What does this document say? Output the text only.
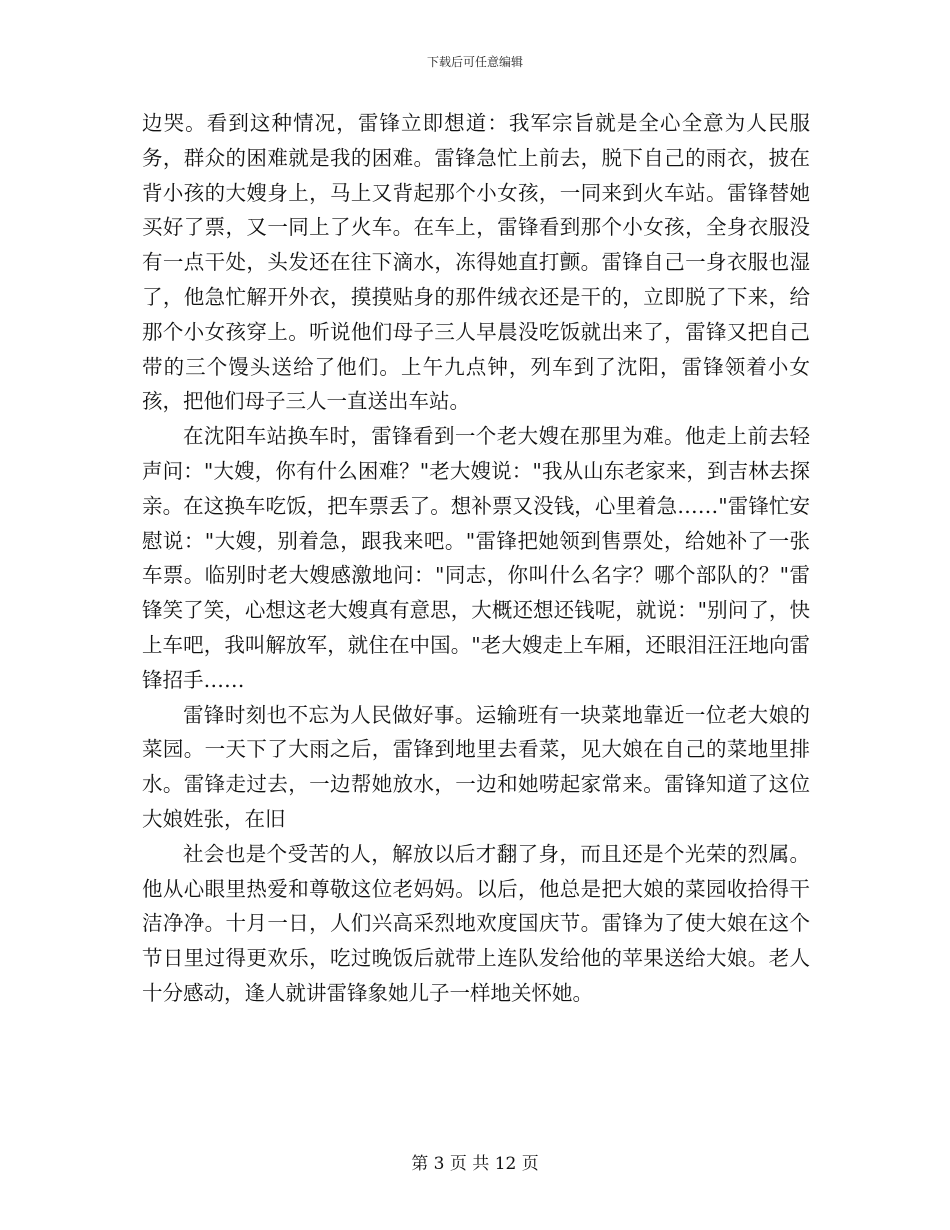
下载后可任意编辑

边哭。看到这种情况，雷锋立即想道：我军宗旨就是全心全意为人民服务，群众的困难就是我的困难。雷锋急忙上前去，脱下自己的雨衣，披在背小孩的大嫂身上，马上又背起那个小女孩，一同来到火车站。雷锋替她买好了票，又一同上了火车。在车上，雷锋看到那个小女孩，全身衣服没有一点干处，头发还在往下滴水，冻得她直打颤。雷锋自己一身衣服也湿了，他急忙解开外衣，摸摸贴身的那件绒衣还是干的，立即脱了下来，给那个小女孩穿上。听说他们母子三人早晨没吃饭就出来了，雷锋又把自己带的三个馒头送给了他们。上午九点钟，列车到了沈阳，雷锋领着小女孩，把他们母子三人一直送出车站。

在沈阳车站换车时，雷锋看到一个老大嫂在那里为难。他走上前去轻声问："大嫂，你有什么困难？"老大嫂说："我从山东老家来，到吉林去探亲。在这换车吃饭，把车票丢了。想补票又没钱，心里着急……"雷锋忙安慰说："大嫂，别着急，跟我来吧。"雷锋把她领到售票处，给她补了一张车票。临别时老大嫂感激地问："同志，你叫什么名字？哪个部队的？"雷锋笑了笑，心想这老大嫂真有意思，大概还想还钱呢，就说："别问了，快上车吧，我叫解放军，就住在中国。"老大嫂走上车厢，还眼泪汪汪地向雷锋招手……

雷锋时刻也不忘为人民做好事。运输班有一块菜地靠近一位老大娘的菜园。一天下了大雨之后，雷锋到地里去看菜，见大娘在自己的菜地里排水。雷锋走过去，一边帮她放水，一边和她唠起家常来。雷锋知道了这位大娘姓张，在旧

社会也是个受苦的人，解放以后才翻了身，而且还是个光荣的烈属。他从心眼里热爱和尊敬这位老妈妈。以后，他总是把大娘的菜园收拾得干洁净净。十月一日，人们兴高采烈地欢度国庆节。雷锋为了使大娘在这个节日里过得更欢乐，吃过晚饭后就带上连队发给他的苹果送给大娘。老人十分感动，逢人就讲雷锋象她儿子一样地关怀她。

第 3 页 共 12 页
